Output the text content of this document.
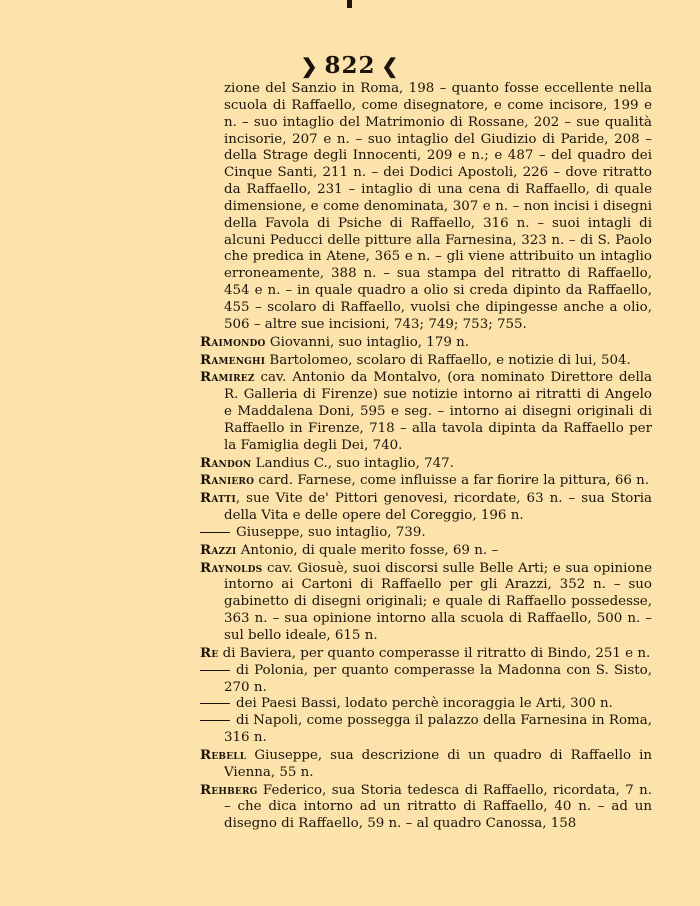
❯ 822 ❮

zione del Sanzio in Roma, 198 – quanto fosse eccellente nella scuola di Raffaello, come disegnatore, e come incisore, 199 e n. – suo intaglio del Matrimonio di Rossane, 202 – sue qualità incisorie, 207 e n. – suo intaglio del Giudizio di Paride, 208 – della Strage degli Innocenti, 209 e n.; e 487 – del quadro dei Cinque Santi, 211 n. – dei Dodici Apostoli, 226 – dove ritratto da Raffaello, 231 – intaglio di una cena di Raffaello, di quale dimensione, e come denominata, 307 e n. – non incisi i disegni della Favola di Psiche di Raffaello, 316 n. – suoi intagli di alcuni Peducci delle pitture alla Farnesina, 323 n. – di S. Paolo che predica in Atene, 365 e n. – gli viene attribuito un intaglio erroneamente, 388 n. – sua stampa del ritratto di Raffaello, 454 e n. – in quale quadro a olio si creda dipinto da Raffaello, 455 – scolaro di Raffaello, vuolsi che dipingesse anche a olio, 506 – altre sue incisioni, 743; 749; 753; 755.

Raimondo Giovanni, suo intaglio, 179 n.

Ramenghi Bartolomeo, scolaro di Raffaello, e notizie di lui, 504.

Ramirez cav. Antonio da Montalvo, (ora nominato Direttore della R. Galleria di Firenze) sue notizie intorno ai ritratti di Angelo e Maddalena Doni, 595 e seg. – intorno ai disegni originali di Raffaello in Firenze, 718 – alla tavola dipinta da Raffaello per la Famiglia degli Dei, 740.

Randon Landius C., suo intaglio, 747.

Raniero card. Farnese, come influisse a far fiorire la pittura, 66 n.

Ratti, sue Vite de' Pittori genovesi, ricordate, 63 n. – sua Storia della Vita e delle opere del Coreggio, 196 n.

Giuseppe, suo intaglio, 739.

Razzi Antonio, di quale merito fosse, 69 n. –

Raynolds cav. Giosuè, suoi discorsi sulle Belle Arti; e sua opinione intorno ai Cartoni di Raffaello per gli Arazzi, 352 n. – suo gabinetto di disegni originali; e quale di Raffaello possedesse, 363 n. – sua opinione intorno alla scuola di Raffaello, 500 n. – sul bello ideale, 615 n.

Re di Baviera, per quanto comperasse il ritratto di Bindo, 251 e n.

di Polonia, per quanto comperasse la Madonna con S. Sisto, 270 n.

dei Paesi Bassi, lodato perchè incoraggia le Arti, 300 n.

di Napoli, come possegga il palazzo della Farnesina in Roma, 316 n.

Rebell Giuseppe, sua descrizione di un quadro di Raffaello in Vienna, 55 n.

Rehberg Federico, sua Storia tedesca di Raffaello, ricordata, 7 n. – che dica intorno ad un ritratto di Raffaello, 40 n. – ad un disegno di Raffaello, 59 n. – al quadro Canossa, 158
